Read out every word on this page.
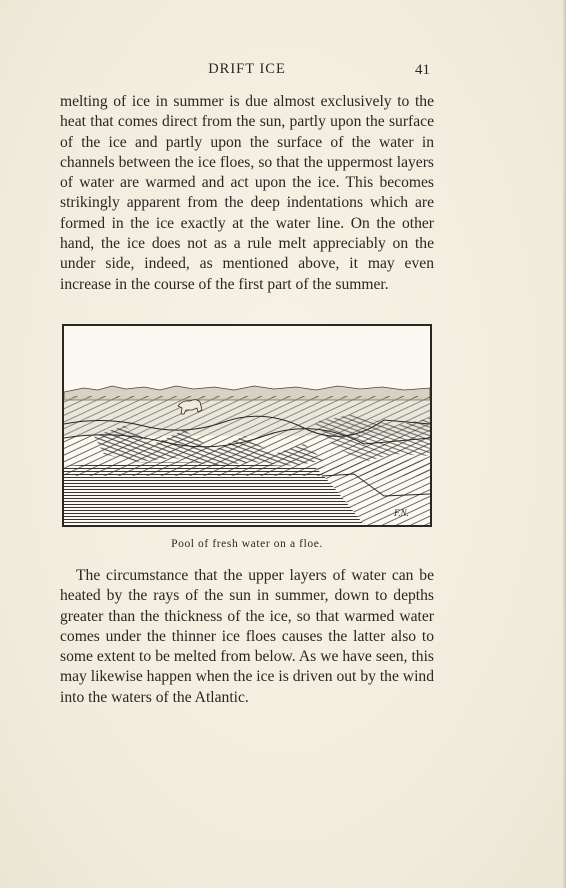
DRIFT ICE	41

melting of ice in summer is due almost exclusively to the heat that comes direct from the sun, partly upon the surface of the ice and partly upon the surface of the water in channels between the ice floes, so that the uppermost layers of water are warmed and act upon the ice. This becomes strikingly apparent from the deep indentations which are formed in the ice exactly at the water line. On the other hand, the ice does not as a rule melt appreciably on the under side, indeed, as mentioned above, it may even increase in the course of the first part of the summer.

F.N.
Pool of fresh water on a floe.

The circumstance that the upper layers of water can be heated by the rays of the sun in summer, down to depths greater than the thickness of the ice, so that warmed water comes under the thinner ice floes causes the latter also to some extent to be melted from below. As we have seen, this may likewise happen when the ice is driven out by the wind into the waters of the Atlantic.
